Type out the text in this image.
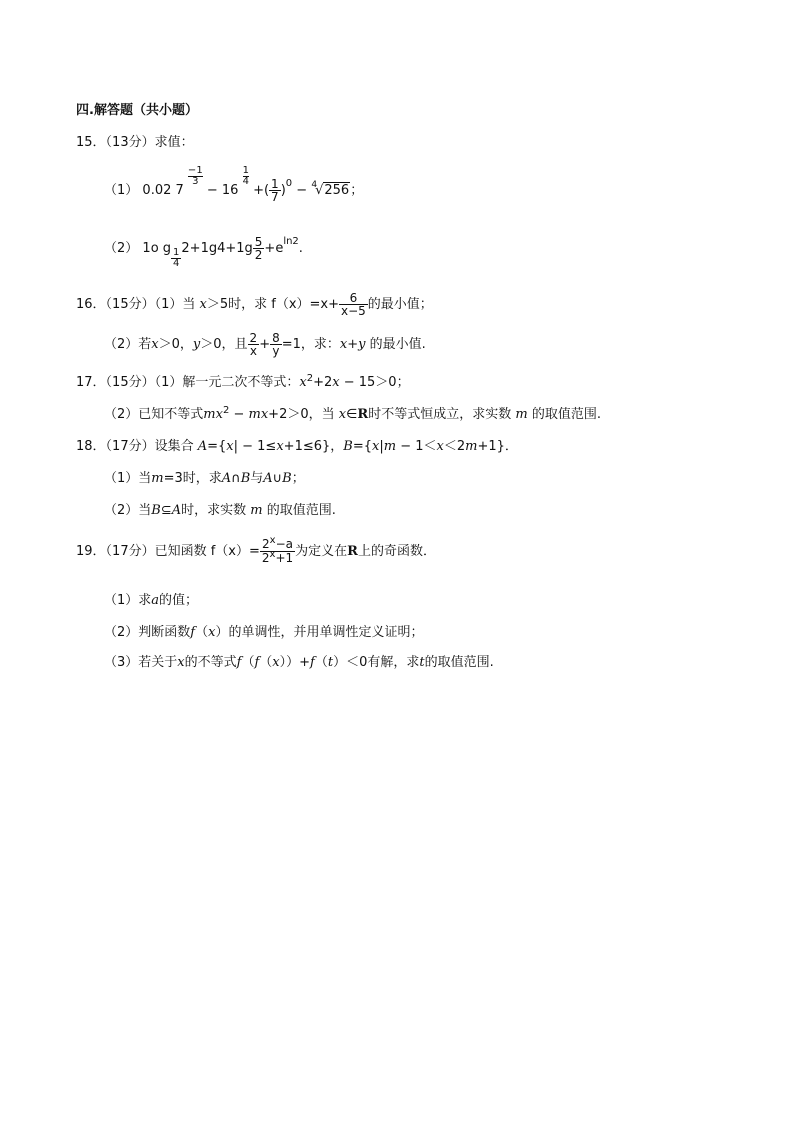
四.解答题（共小题）
15．（13分）求值：
（1） 0.02 7
$\frac{-1}{3}$
− 16
$\frac{1}{4}$
+( $\frac{1}{7} )^0 - ^4√256$；
（2） 1o g $\frac{1}{4} 2+1g4+1g \frac{5}{2} +e^{ln2}$.
16．（15分）（1）当 x＞5时，求 $f(x)=x+ \frac{6}{x-5}$ 的最小值；
（2）若x＞0，y＞0，且 $\frac{2}{x} + \frac{8}{y} =1$，求：x+y 的最小值.
17．（15分）（1）解一元二次不等式：$x^2+2x - 15>0$；
（2）已知不等式$mx^2 - mx+2>0$，当 x∈R时不等式恒成立，求实数 m 的取值范围.
18．（17分）设集合 A={x| − 1≤x+1≤6}，B={x|m − 1＜x＜2m+1}．
（1）当m=3时，求A∩B与A∪B；
（2）当B⊆A时，求实数 m 的取值范围.
19．（17分）已知函数 $f(x)= \frac{2^x-a}{2^x+1}$ 为定义在R上的奇函数．
（1）求a的值；
（2）判断函数f（x）的单调性，并用单调性定义证明；
（3）若关于x的不等式f（f（x））+f（t）＜0有解，求t的取值范围.
